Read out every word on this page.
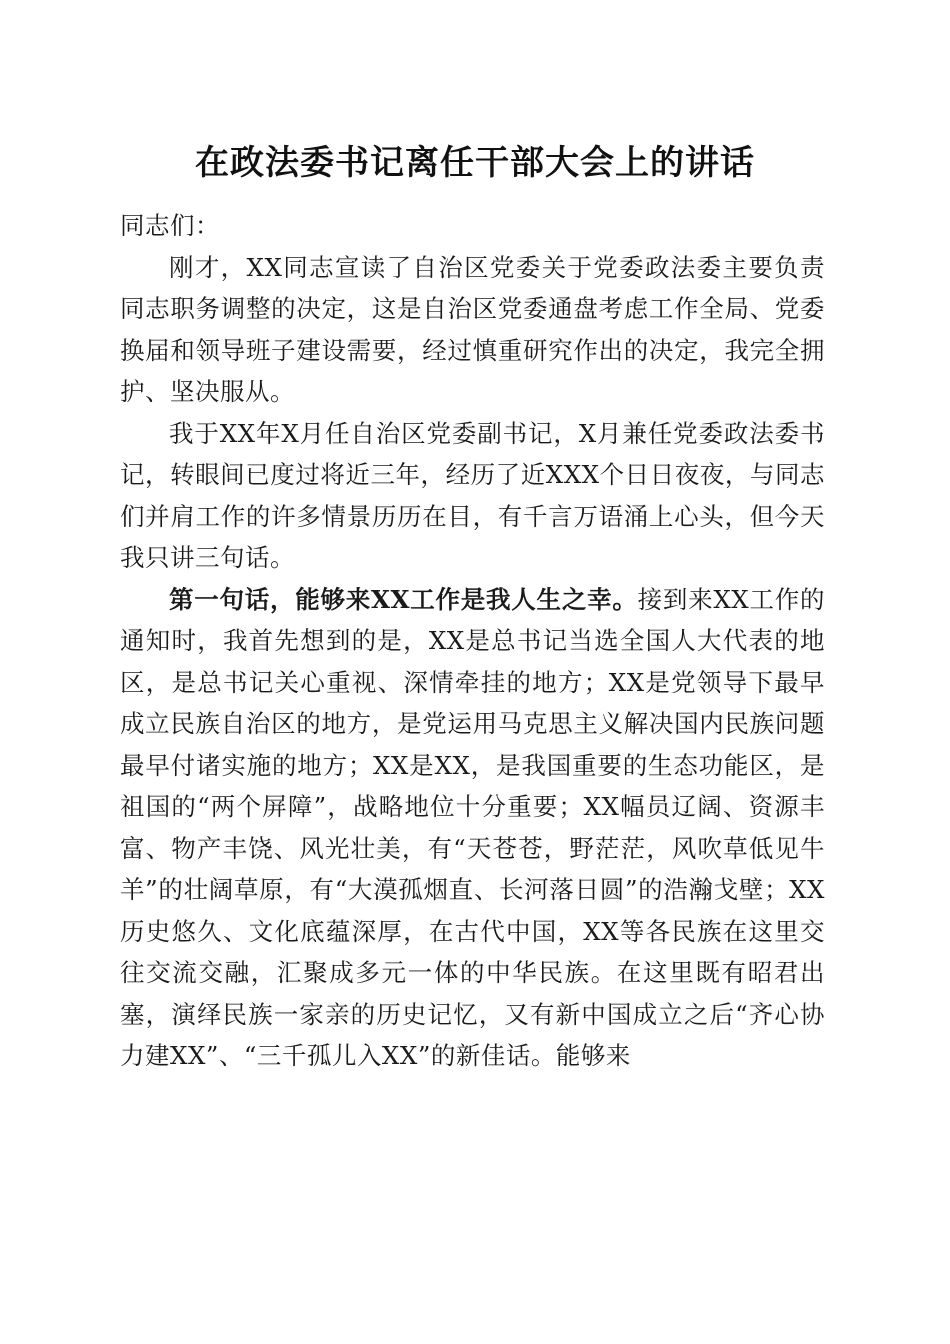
在政法委书记离任干部大会上的讲话

同志们：

刚才，XX同志宣读了自治区党委关于党委政法委主要负责同志职务调整的决定，这是自治区党委通盘考虑工作全局、党委换届和领导班子建设需要，经过慎重研究作出的决定，我完全拥护、坚决服从。

我于XX年X月任自治区党委副书记，X月兼任党委政法委书记，转眼间已度过将近三年，经历了近XXX个日日夜夜，与同志们并肩工作的许多情景历历在目，有千言万语涌上心头，但今天我只讲三句话。

第一句话，能够来XX工作是我人生之幸。接到来XX工作的通知时，我首先想到的是，XX是总书记当选全国人大代表的地区，是总书记关心重视、深情牵挂的地方；XX是党领导下最早成立民族自治区的地方，是党运用马克思主义解决国内民族问题最早付诸实施的地方；XX是XX，是我国重要的生态功能区，是祖国的“两个屏障”，战略地位十分重要；XX幅员辽阔、资源丰富、物产丰饶、风光壮美，有“天苍苍，野茫茫，风吹草低见牛羊”的壮阔草原，有“大漠孤烟直、长河落日圆”的浩瀚戈壁；XX历史悠久、文化底蕴深厚，在古代中国，XX等各民族在这里交往交流交融，汇聚成多元一体的中华民族。在这里既有昭君出塞，演绎民族一家亲的历史记忆，又有新中国成立之后“齐心协力建XX”、“三千孤儿入XX”的新佳话。能够来
